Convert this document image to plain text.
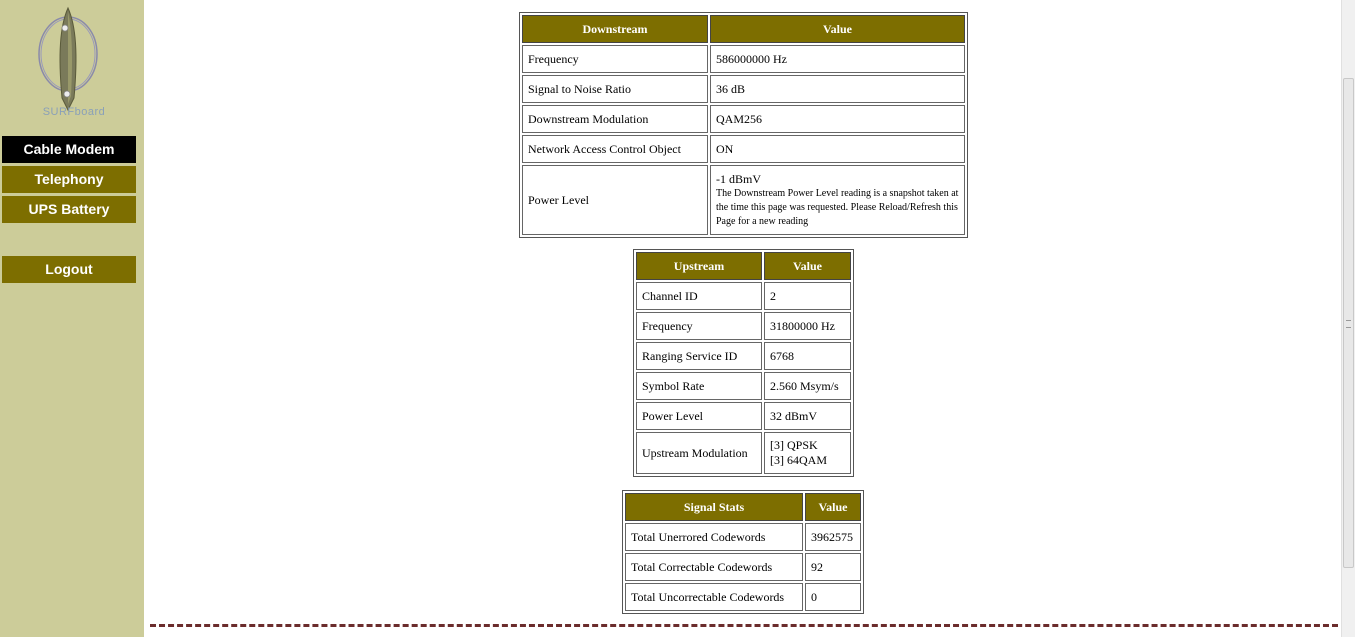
SURFboard
Cable Modem
Telephony
UPS Battery
Logout
Downstream	Value
Frequency	586000000 Hz
Signal to Noise Ratio	36 dB
Downstream Modulation	QAM256
Network Access Control Object	ON
Power Level	-1 dBmV
The Downstream Power Level reading is a snapshot taken at the time this page was requested. Please Reload/Refresh this Page for a new reading
Upstream	Value
Channel ID	2
Frequency	31800000 Hz
Ranging Service ID	6768
Symbol Rate	2.560 Msym/s
Power Level	32 dBmV
Upstream Modulation	[3] QPSK
[3] 64QAM
Signal Stats	Value
Total Unerrored Codewords	3962575
Total Correctable Codewords	92
Total Uncorrectable Codewords	0
